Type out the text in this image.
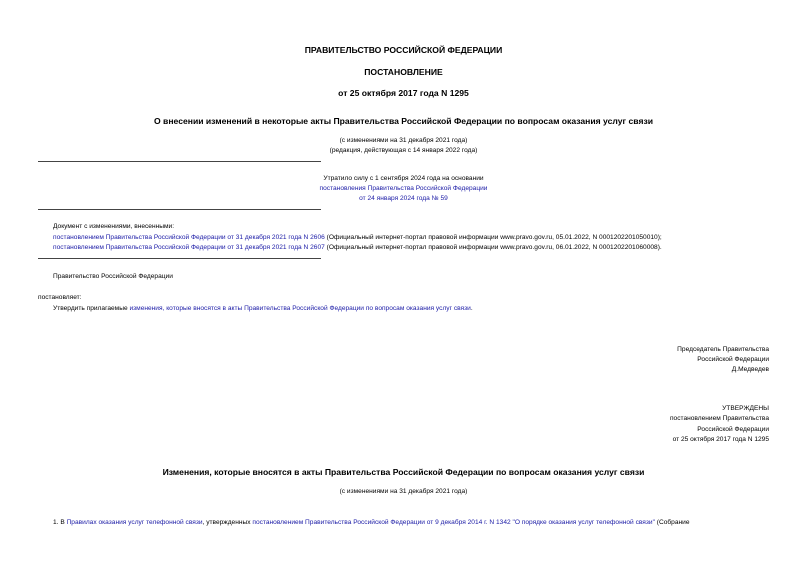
ПРАВИТЕЛЬСТВО РОССИЙСКОЙ ФЕДЕРАЦИИ
ПОСТАНОВЛЕНИЕ
от 25 октября 2017 года N 1295
О внесении изменений в некоторые акты Правительства Российской Федерации по вопросам оказания услуг связи
(с изменениями на 31 декабря 2021 года)
(редакция, действующая с 14 января 2022 года)
Утратило силу с 1 сентября 2024 года на основании
постановления Правительства Российской Федерации
от 24 января 2024 года № 59
Документ с изменениями, внесенными:
постановлением Правительства Российской Федерации от 31 декабря 2021 года N 2606 (Официальный интернет-портал правовой информации www.pravo.gov.ru, 05.01.2022, N 0001202201050010);
постановлением Правительства Российской Федерации от 31 декабря 2021 года N 2607 (Официальный интернет-портал правовой информации www.pravo.gov.ru, 06.01.2022, N 0001202201060008).
Правительство Российской Федерации
постановляет:
Утвердить прилагаемые изменения, которые вносятся в акты Правительства Российской Федерации по вопросам оказания услуг связи.
Председатель Правительства
Российской Федерации
Д.Медведев
УТВЕРЖДЕНЫ
постановлением Правительства
Российской Федерации
от 25 октября 2017 года N 1295
Изменения, которые вносятся в акты Правительства Российской Федерации по вопросам оказания услуг связи
(с изменениями на 31 декабря 2021 года)
1. В Правилах оказания услуг телефонной связи, утвержденных постановлением Правительства Российской Федерации от 9 декабря 2014 г. N 1342 "О порядке оказания услуг телефонной связи" (Собрание
